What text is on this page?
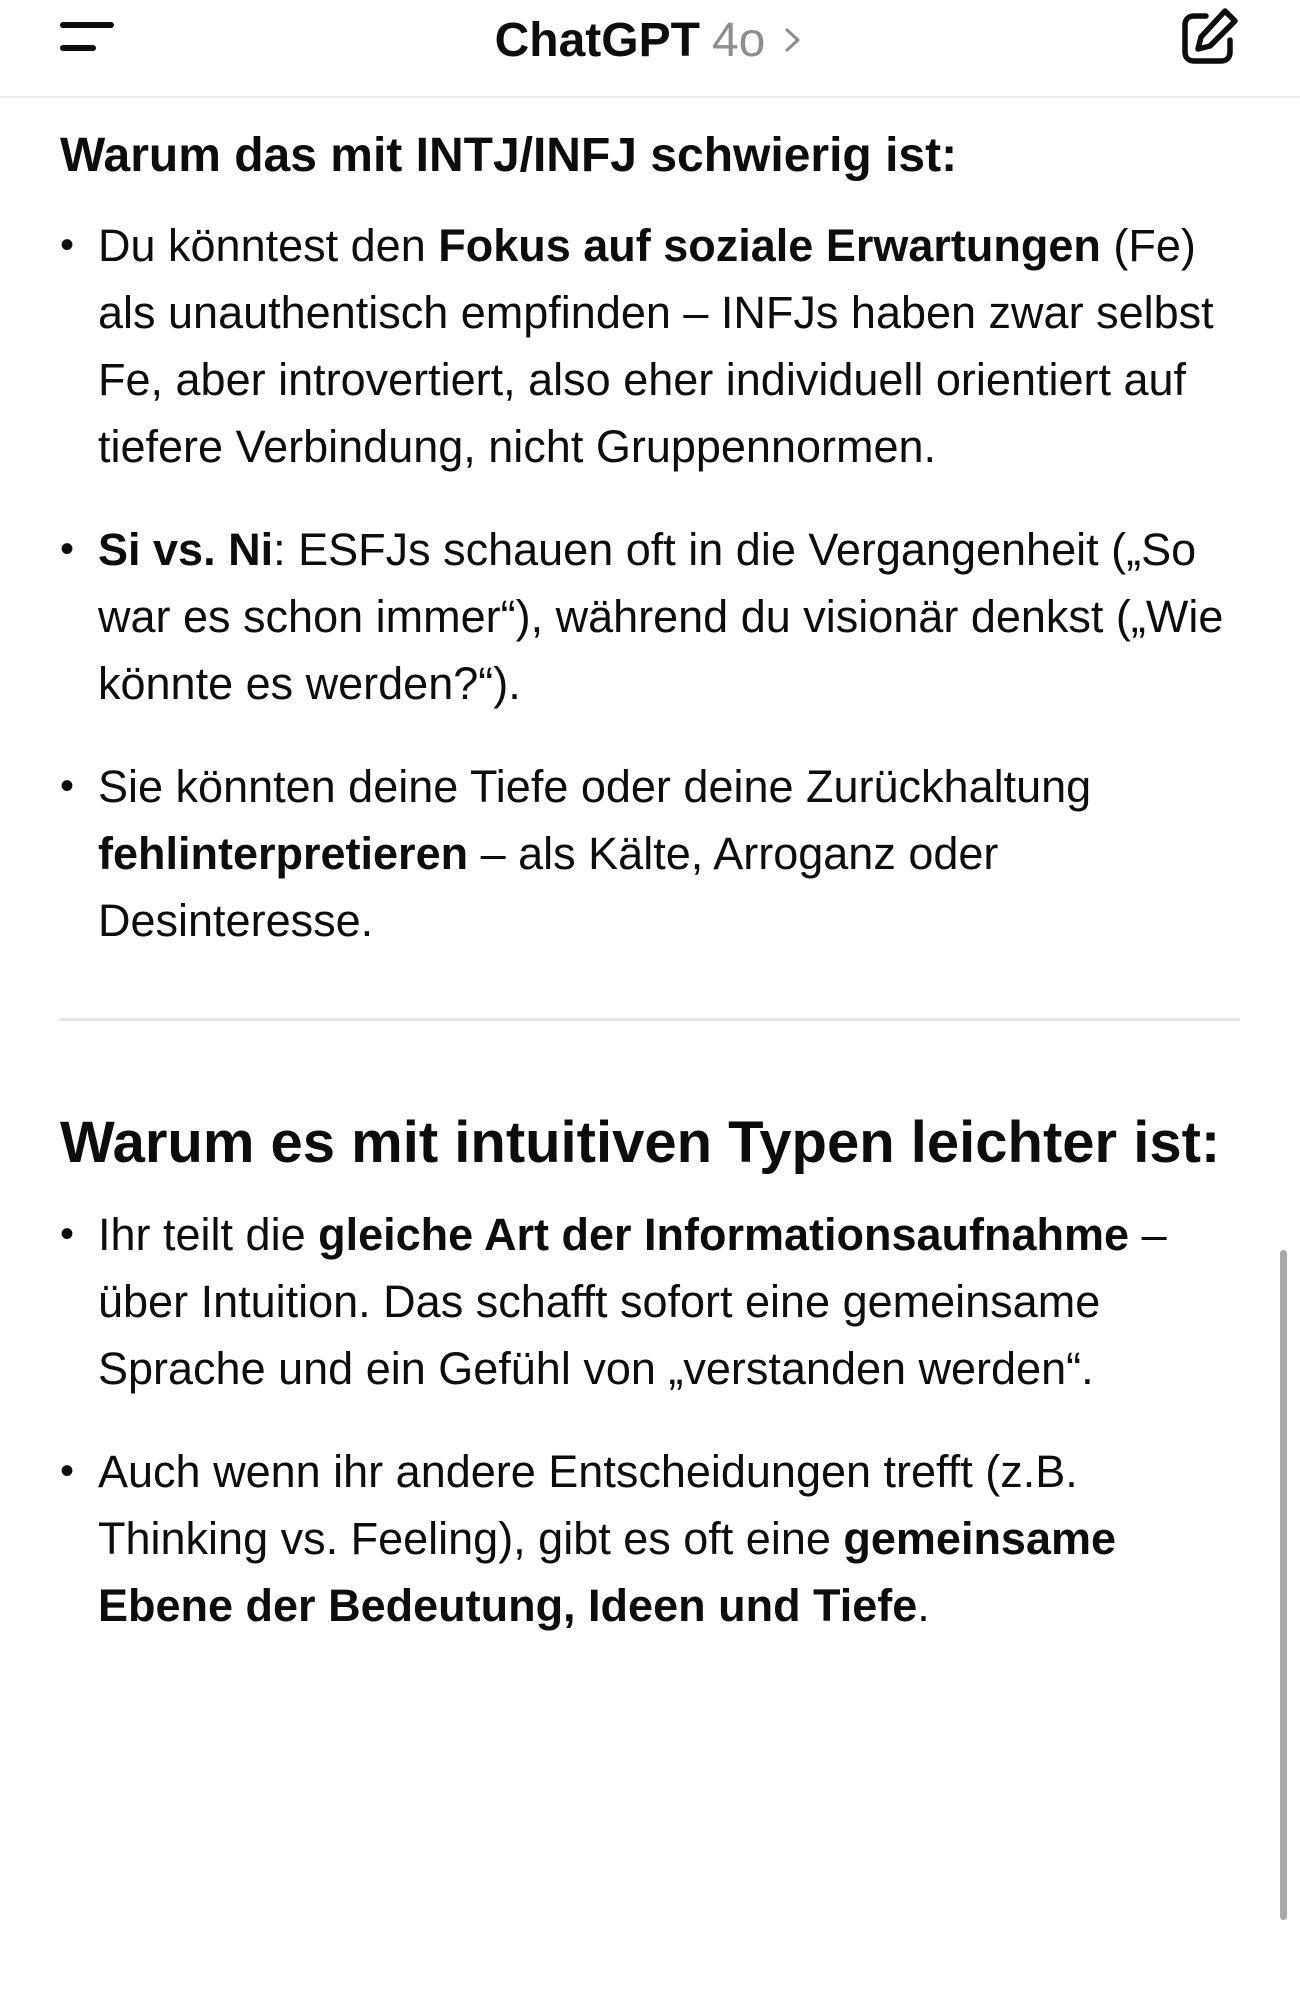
ChatGPT 4o
Warum das mit INTJ/INFJ schwierig ist:
• Du könntest den Fokus auf soziale Erwartungen (Fe) als unauthentisch empfinden – INFJs haben zwar selbst Fe, aber introvertiert, also eher individuell orientiert auf tiefere Verbindung, nicht Gruppennormen.
• Si vs. Ni: ESFJs schauen oft in die Vergangenheit („So war es schon immer“), während du visionär denkst („Wie könnte es werden?“).
• Sie könnten deine Tiefe oder deine Zurückhaltung fehlinterpretieren – als Kälte, Arroganz oder Desinteresse.
Warum es mit intuitiven Typen leichter ist:
• Ihr teilt die gleiche Art der Informationsaufnahme – über Intuition. Das schafft sofort eine gemeinsame Sprache und ein Gefühl von „verstanden werden“.
• Auch wenn ihr andere Entscheidungen trefft (z.B. Thinking vs. Feeling), gibt es oft eine gemeinsame Ebene der Bedeutung, Ideen und Tiefe.
